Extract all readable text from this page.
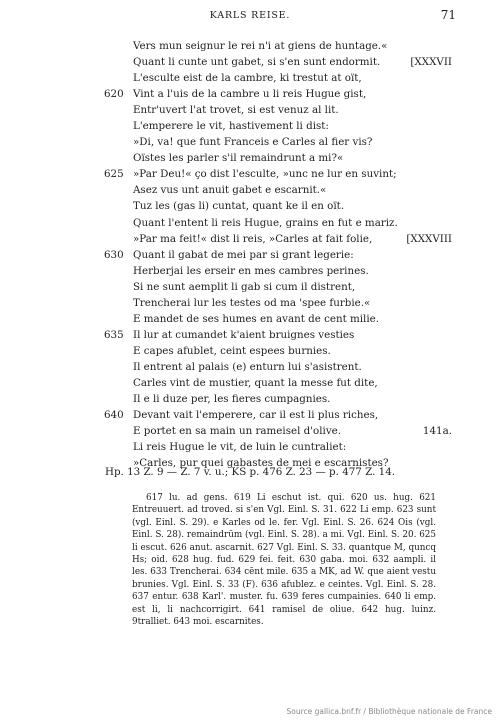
KARLS REISE.	71
Vers mun seignur le rei n'i at giens de huntage.«
Quant li cunte unt gabet, si s'en sunt endormit.	[XXXVII
L'esculte eist de la cambre, ki trestut at oït,
620 Vint a l'uis de la cambre u li reis Hugue gist,
Entr'uvert l'at trovet, si est venuz al lit.
L'emperere le vit, hastivement li dist:
»Di, va! que funt Franceis e Carles al fier vis?
Oïstes les parler s'il remaindrunt a mi?«
625 »Par Deu!« ço dist l'esculte, »unc ne lur en suvint;
Asez vus unt anuit gabet e escarnit.«
Tuz les (gas li) cuntat, quant ke il en oït.
Quant l'entent li reis Hugue, grains en fut e mariz.
»Par ma feit!« dist li reis, »Carles at fait folie,	[XXXVIII
630 Quant il gabat de mei par si grant legerie:
Herberjai les erseir en mes cambres perines.
Si ne sunt aemplit li gab si cum il distrent,
Trencherai lur les testes od ma 'spee furbie.«
E mandet de ses humes en avant de cent milie.
635 Il lur at cumandet k'aient bruignes vesties
E capes afublet, ceint espees burnies.
Il entrent al palais (e) enturn lui s'asistrent.
Carles vint de mustier, quant la messe fut dite,
Il e li duze per, les fieres cumpagnies.
640 Devant vait l'emperere, car il est li plus riches,
E portet en sa main un rameisel d'olive.	141a.
Li reis Hugue le vit, de luin le cuntraliet:
»Carles, pur quei gabastes de mei e escarnistes?
Hp. 13 Z. 9 — Z. 7 v. u.; KS p. 476 Z. 23 — p. 477 Z. 14.

617 lu. ad gens. 619 Li eschut ist. qui. 620 us. hug. 621 Entreuuert. ad troved. si s'en Vgl. Einl. S. 31. 622 Li emp. 623 sunt (vgl. Einl. S. 29). e Karles od le. fer. Vgl. Einl. S. 26. 624 Ois (vgl. Einl. S. 28). remaindrūm (vgl. Einl. S. 28). a mi. Vgl. Einl. S. 20. 625 li escut. 626 anut. ascarnit. 627 Vgl. Einl. S. 33. quantque M, quncq Hs; oid. 628 hug. fud. 629 fei. feit. 630 gaba. moi. 632 aampli. il les. 633 Trencherai. 634 cēnt mile. 635 a MK, ad W. que aient vestu brunies. Vgl. Einl. S. 33 (F). 636 afublez. e ceintes. Vgl. Einl. S. 28. 637 entur. 638 Karl'. muster. fu. 639 feres cumpainies. 640 li emp. est li, li nachcorrigirt. 641 ramisel de oliue. 642 hug. luinz. 9tralliet. 643 moi. escarnites.

Source gallica.bnf.fr / Bibliothèque nationale de France
